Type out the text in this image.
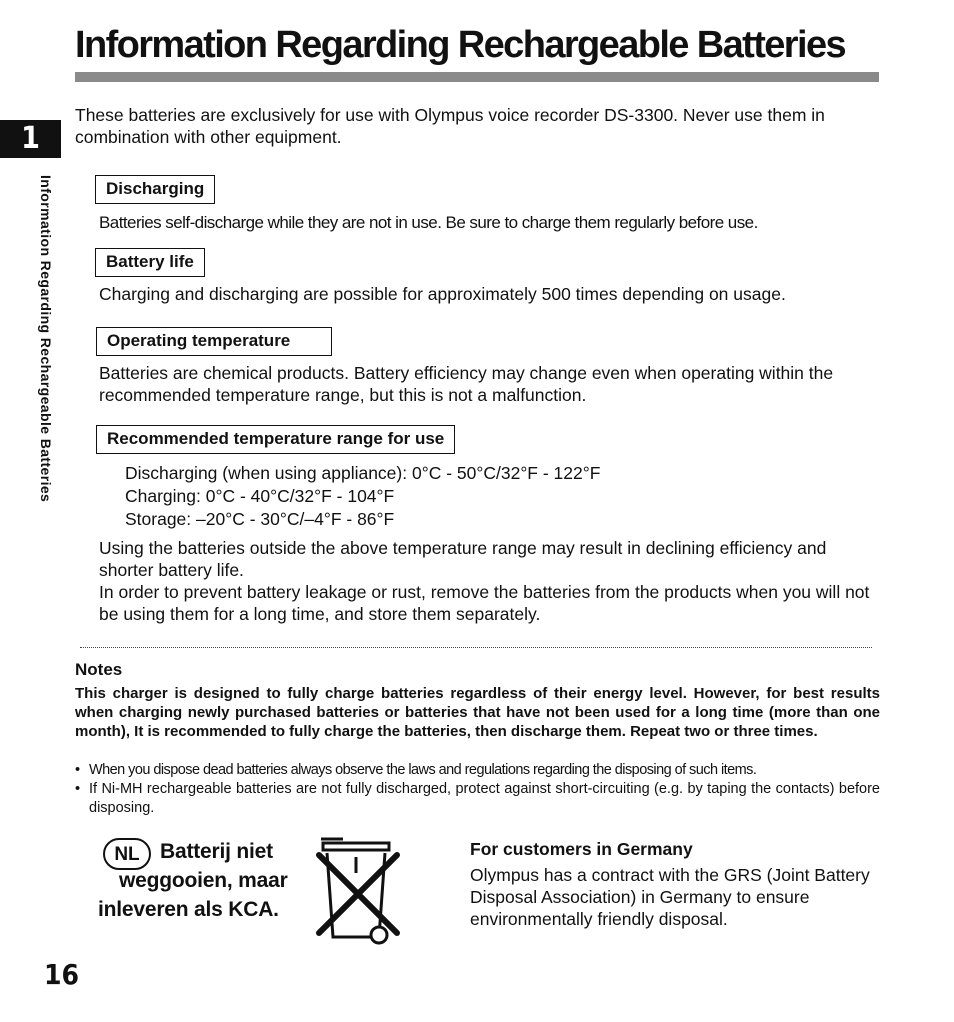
Information Regarding Rechargeable Batteries
1
Information Regarding Rechargeable Batteries
These batteries are exclusively for use with Olympus voice recorder DS-3300. Never use them in combination with other equipment.
Discharging
Batteries self-discharge while they are not in use. Be sure to charge them regularly before use.
Battery life
Charging and discharging are possible for approximately 500 times depending on usage.
Operating temperature
Batteries are chemical products. Battery efficiency may change even when operating within the recommended temperature range, but this is not a malfunction.
Recommended temperature range for use
Discharging (when using appliance): 0°C - 50°C/32°F - 122°F
Charging: 0°C - 40°C/32°F - 104°F
Storage: –20°C - 30°C/–4°F - 86°F
Using the batteries outside the above temperature range may result in declining efficiency and shorter battery life.
In order to prevent battery leakage or rust, remove the batteries from the products when you will not be using them for a long time, and store them separately.
Notes
This charger is designed to fully charge batteries regardless of their energy level. However, for best results when charging newly purchased batteries or batteries that have not been used for a long time (more than one month), It is recommended to fully charge the batteries, then discharge them. Repeat two or three times.
• When you dispose dead batteries always observe the laws and regulations regarding the disposing of such items.
• If Ni-MH rechargeable batteries are not fully discharged, protect against short-circuiting (e.g. by taping the contacts) before disposing.
NL Batterij niet
weggooien, maar
inleveren als KCA.
For customers in Germany
Olympus has a contract with the GRS (Joint Battery Disposal Association) in Germany to ensure environmentally friendly disposal.
16
